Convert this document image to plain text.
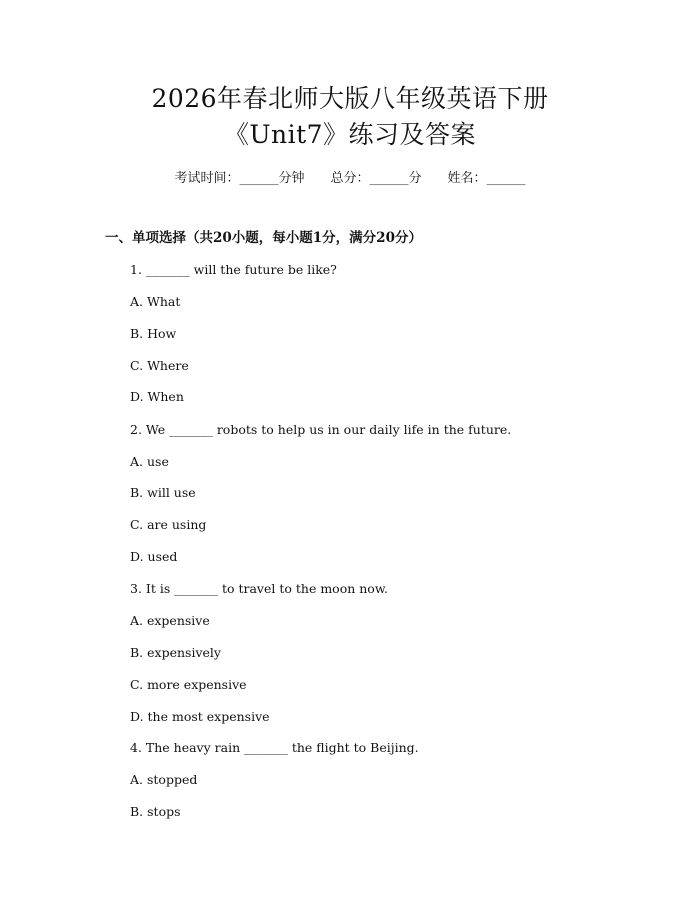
2026年春北师大版八年级英语下册
《Unit7》练习及答案
考试时间：______分钟 总分：______分 姓名：______
一、单项选择（共20小题，每小题1分，满分20分）
1. _______ will the future be like?
A. What
B. How
C. Where
D. When
2. We _______ robots to help us in our daily life in the future.
A. use
B. will use
C. are using
D. used
3. It is _______ to travel to the moon now.
A. expensive
B. expensively
C. more expensive
D. the most expensive
4. The heavy rain _______ the flight to Beijing.
A. stopped
B. stops
